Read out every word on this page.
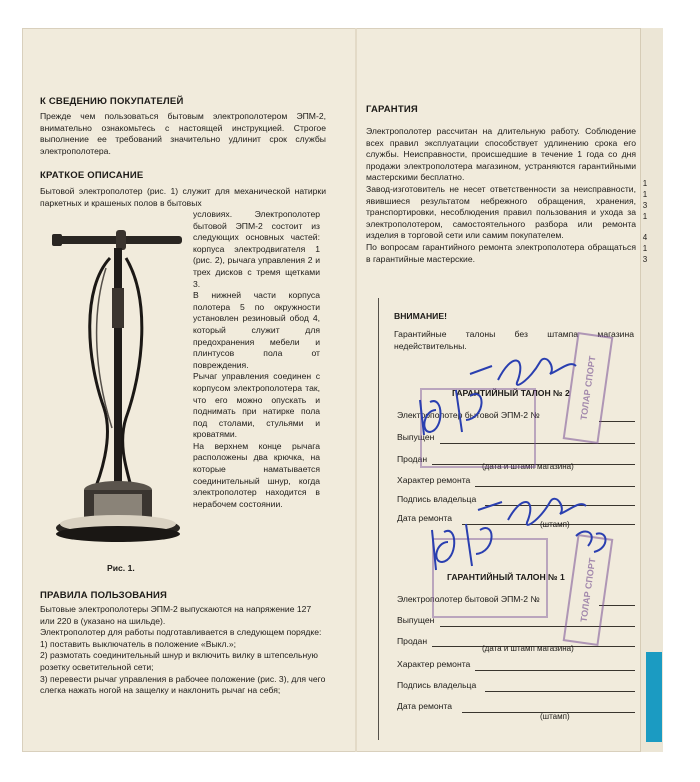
К СВЕДЕНИЮ ПОКУПАТЕЛЕЙ
Прежде чем пользоваться бытовым электрополотером ЭПМ-2, внимательно ознакомьтесь с настоящей инструкцией. Строгое выполнение ее требований значительно удлинит срок службы электрополотера.
КРАТКОЕ ОПИСАНИЕ
Бытовой электрополотер (рис. 1) служит для механической натирки паркетных и крашеных полов в бытовых
условиях. Электрополотер бытовой ЭПМ-2 состоит из следующих основных частей: корпуса электродвигателя 1 (рис. 2), рычага управления 2 и трех дисков с тремя щетками 3.
В нижней части корпуса полотера 5 по окружности установлен резиновый обод 4, который служит для предохранения мебели и плинтусов пола от повреждения.
Рычаг управления соединен с корпусом электрополотера так, что его можно опускать и поднимать при натирке пола под столами, стульями и кроватями.
На верхнем конце рычага расположены два крючка, на которые наматывается соединительный шнур, когда электрополотер находится в нерабочем состоянии.
Рис. 1.
ПРАВИЛА ПОЛЬЗОВАНИЯ
Бытовые электрополотеры ЭПМ-2 выпускаются на напряжение 127 или 220 в (указано на шильде).
Электрополотер для работы подготавливается в следующем порядке:
1) поставить выключатель в положение «Выкл.»;
2) размотать соединительный шнур и включить вилку в штепсельную розетку осветительной сети;
3) перевести рычаг управления в рабочее положение (рис. 3), для чего слегка нажать ногой на защелку и наклонить рычаг на себя;
ГАРАНТИЯ
Электрополотер рассчитан на длительную работу. Соблюдение всех правил эксплуатации способствует удлинению срока его службы. Неисправности, происшедшие в течение 1 года со дня продажи электрополотера магазином, устраняются гарантийными мастерскими бесплатно.
Завод-изготовитель не несет ответственности за неисправности, явившиеся результатом небрежного обращения, хранения, транспортировки, несоблюдения правил пользования и ухода за электрополотером, самостоятельного разбора или ремонта изделия в торговой сети или самим покупателем.
По вопросам гарантийного ремонта электрополотера обращаться в гарантийные мастерские.
1 1 3 1
4 1 3
ВНИМАНИЕ!
Гарантийные талоны без штампа магазина недействительны.
ГАРАНТИЙНЫЙ ТАЛОН № 2
Электрополотер бытовой ЭПМ-2 №
Выпущен
Продан
(дата и штамп магазина)
Характер ремонта
Подпись владельца
Дата ремонта
(штамп)
ГАРАНТИЙНЫЙ ТАЛОН № 1
Электрополотер бытовой ЭПМ-2 №
Выпущен
Продан
(дата и штамп магазина)
Характер ремонта
Подпись владельца
Дата ремонта
(штамп)
ТОЛАР СПОРТ
ТОЛАР СПОРТ
